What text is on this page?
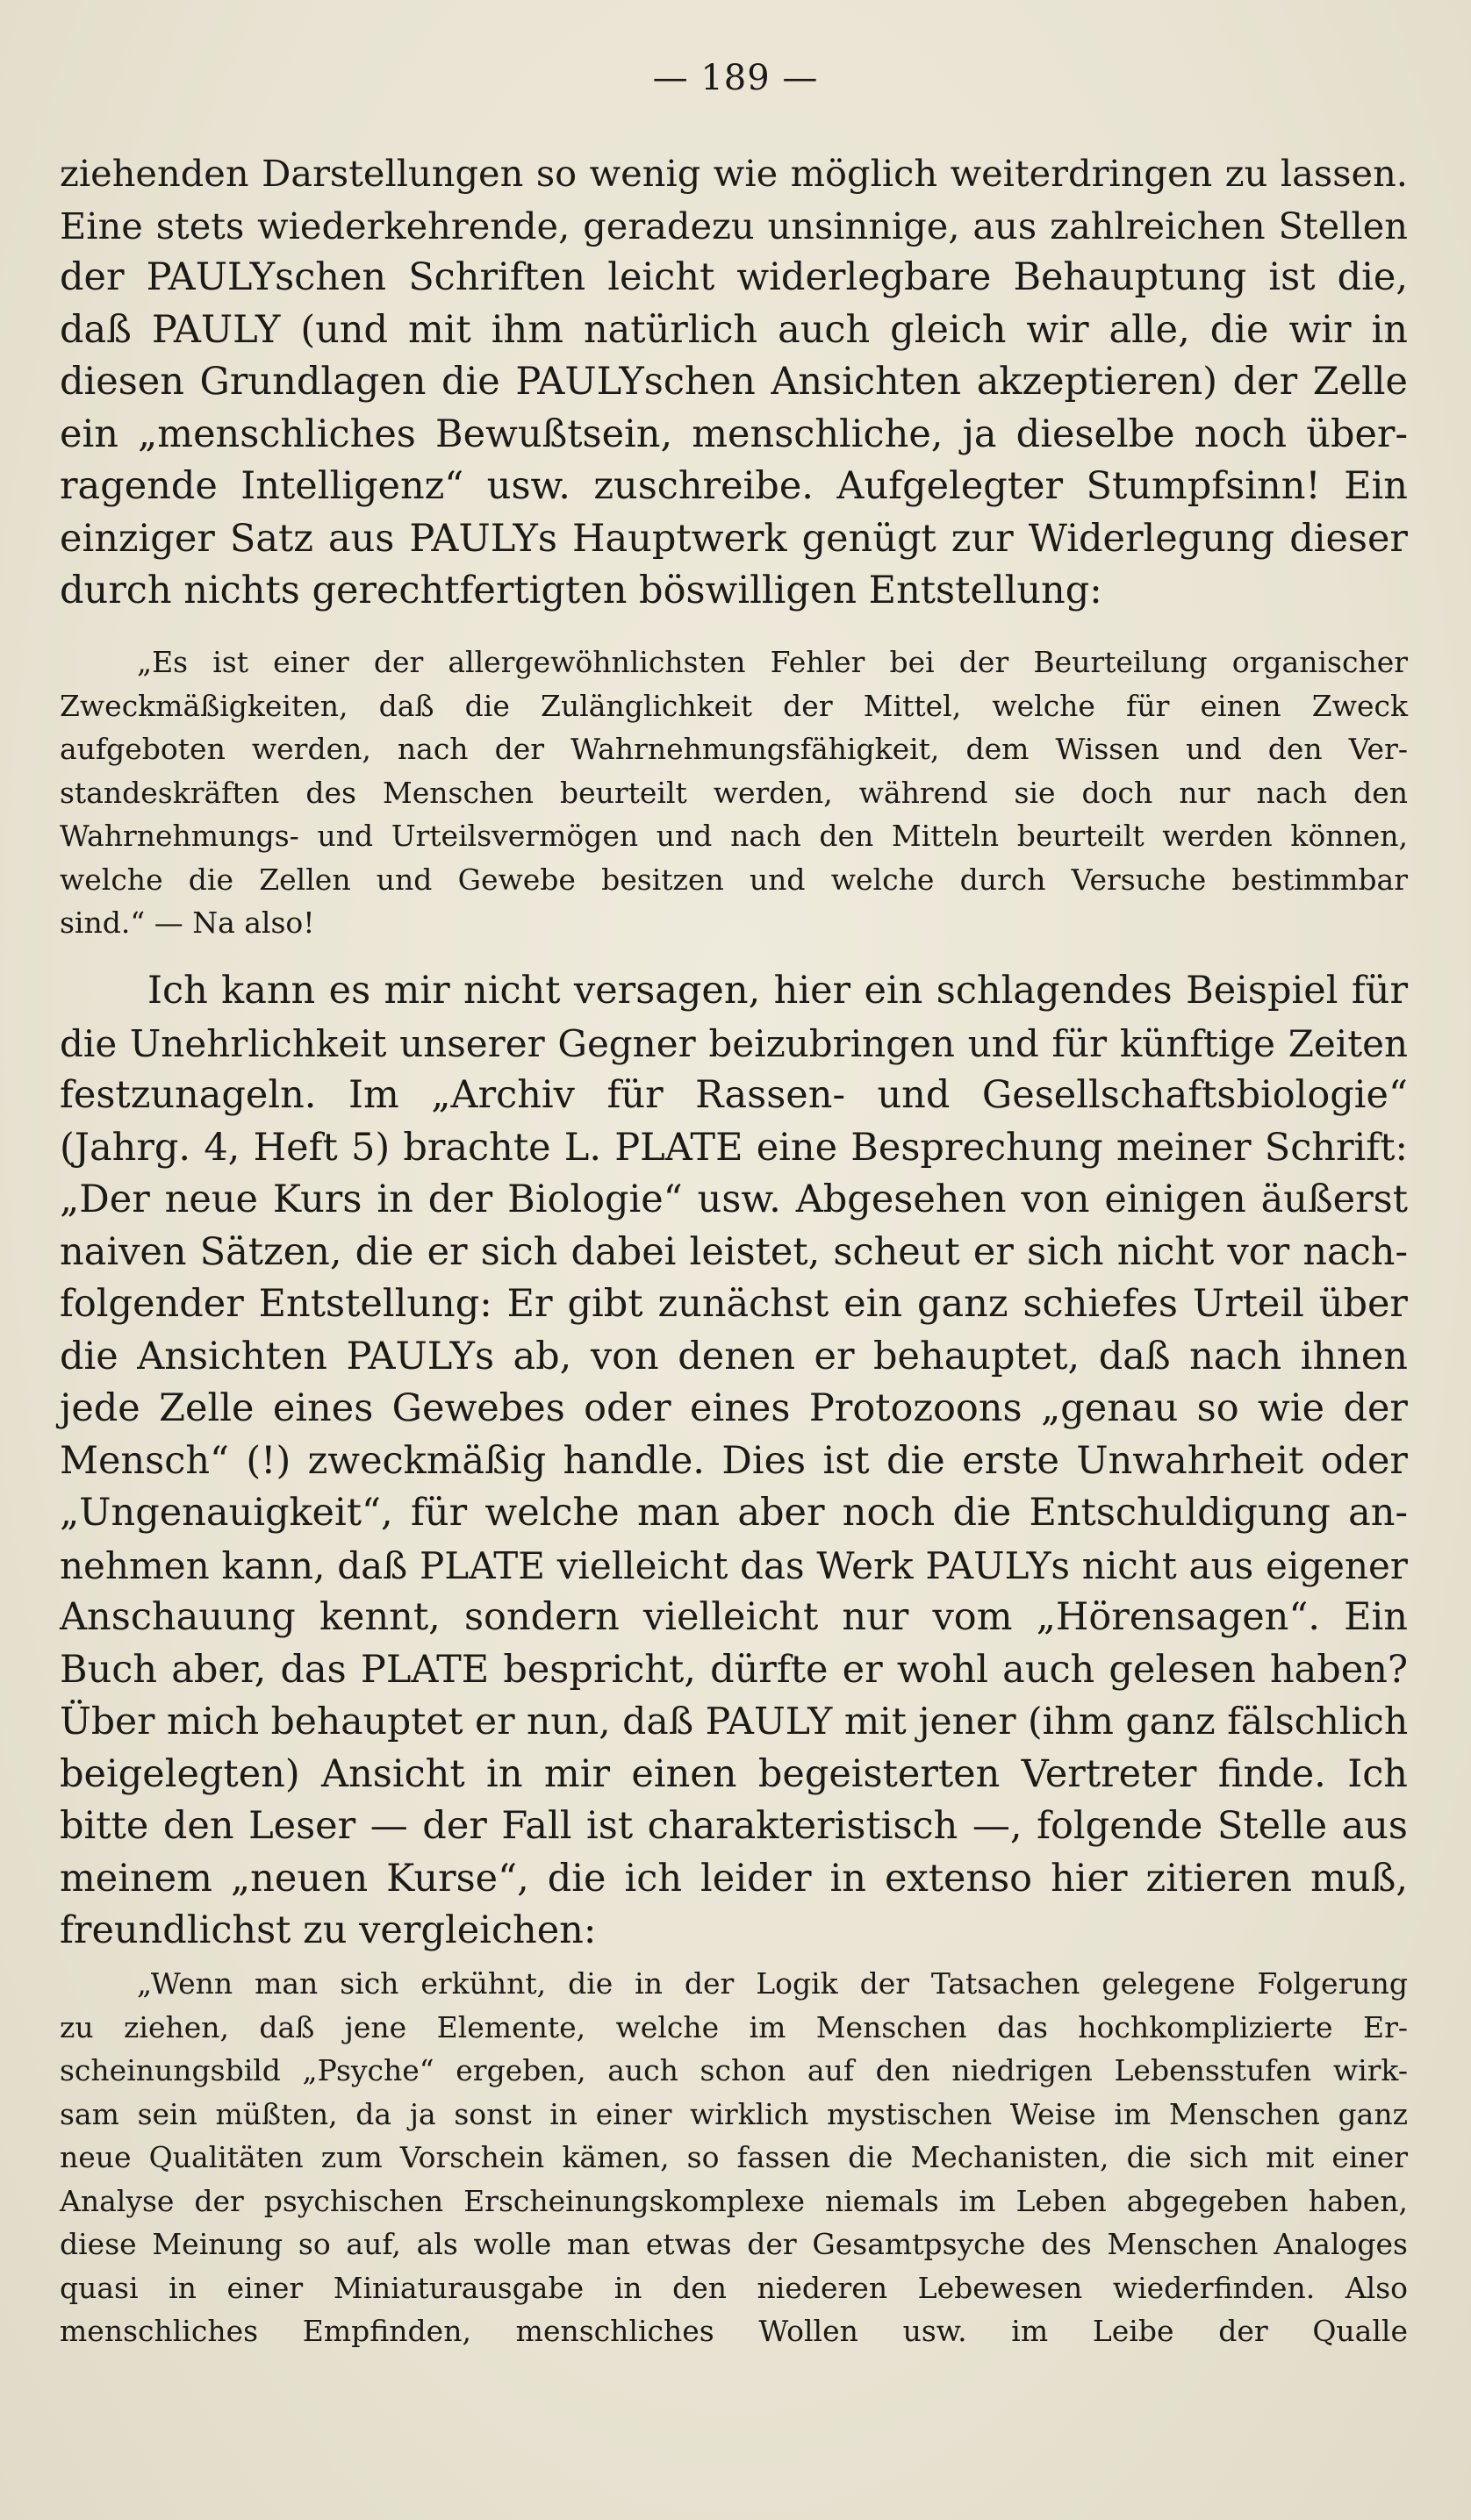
— 189 —
ziehenden Darstellungen so wenig wie möglich weiterdringen zu lassen.
Eine stets wiederkehrende, geradezu unsinnige, aus zahlreichen Stellen
der PAULYschen Schriften leicht widerlegbare Behauptung ist die,
daß PAULY (und mit ihm natürlich auch gleich wir alle, die wir in
diesen Grundlagen die PAULYschen Ansichten akzeptieren) der Zelle
ein „menschliches Bewußtsein, menschliche, ja dieselbe noch über-
ragende Intelligenz“ usw. zuschreibe. Aufgelegter Stumpfsinn! Ein
einziger Satz aus PAULYs Hauptwerk genügt zur Widerlegung dieser
durch nichts gerechtfertigten böswilligen Entstellung:
„Es ist einer der allergewöhnlichsten Fehler bei der Beurteilung organischer
Zweckmäßigkeiten, daß die Zulänglichkeit der Mittel, welche für einen Zweck
aufgeboten werden, nach der Wahrnehmungsfähigkeit, dem Wissen und den Ver-
standeskräften des Menschen beurteilt werden, während sie doch nur nach den
Wahrnehmungs- und Urteilsvermögen und nach den Mitteln beurteilt werden können,
welche die Zellen und Gewebe besitzen und welche durch Versuche bestimmbar
sind.“ — Na also!
Ich kann es mir nicht versagen, hier ein schlagendes Beispiel für
die Unehrlichkeit unserer Gegner beizubringen und für künftige Zeiten
festzunageln. Im „Archiv für Rassen- und Gesellschaftsbiologie“
(Jahrg. 4, Heft 5) brachte L. PLATE eine Besprechung meiner Schrift:
„Der neue Kurs in der Biologie“ usw. Abgesehen von einigen äußerst
naiven Sätzen, die er sich dabei leistet, scheut er sich nicht vor nach-
folgender Entstellung: Er gibt zunächst ein ganz schiefes Urteil über
die Ansichten PAULYs ab, von denen er behauptet, daß nach ihnen
jede Zelle eines Gewebes oder eines Protozoons „genau so wie der
Mensch“ (!) zweckmäßig handle. Dies ist die erste Unwahrheit oder
„Ungenauigkeit“, für welche man aber noch die Entschuldigung an-
nehmen kann, daß PLATE vielleicht das Werk PAULYs nicht aus eigener
Anschauung kennt, sondern vielleicht nur vom „Hörensagen“. Ein
Buch aber, das PLATE bespricht, dürfte er wohl auch gelesen haben?
Über mich behauptet er nun, daß PAULY mit jener (ihm ganz fälschlich
beigelegten) Ansicht in mir einen begeisterten Vertreter finde. Ich
bitte den Leser — der Fall ist charakteristisch —, folgende Stelle aus
meinem „neuen Kurse“, die ich leider in extenso hier zitieren muß,
freundlichst zu vergleichen:
„Wenn man sich erkühnt, die in der Logik der Tatsachen gelegene Folgerung
zu ziehen, daß jene Elemente, welche im Menschen das hochkomplizierte Er-
scheinungsbild „Psyche“ ergeben, auch schon auf den niedrigen Lebensstufen wirk-
sam sein müßten, da ja sonst in einer wirklich mystischen Weise im Menschen ganz
neue Qualitäten zum Vorschein kämen, so fassen die Mechanisten, die sich mit einer
Analyse der psychischen Erscheinungskomplexe niemals im Leben abgegeben haben,
diese Meinung so auf, als wolle man etwas der Gesamtpsyche des Menschen Analoges
quasi in einer Miniaturausgabe in den niederen Lebewesen wiederfinden. Also
menschliches Empfinden, menschliches Wollen usw. im Leibe der Qualle
